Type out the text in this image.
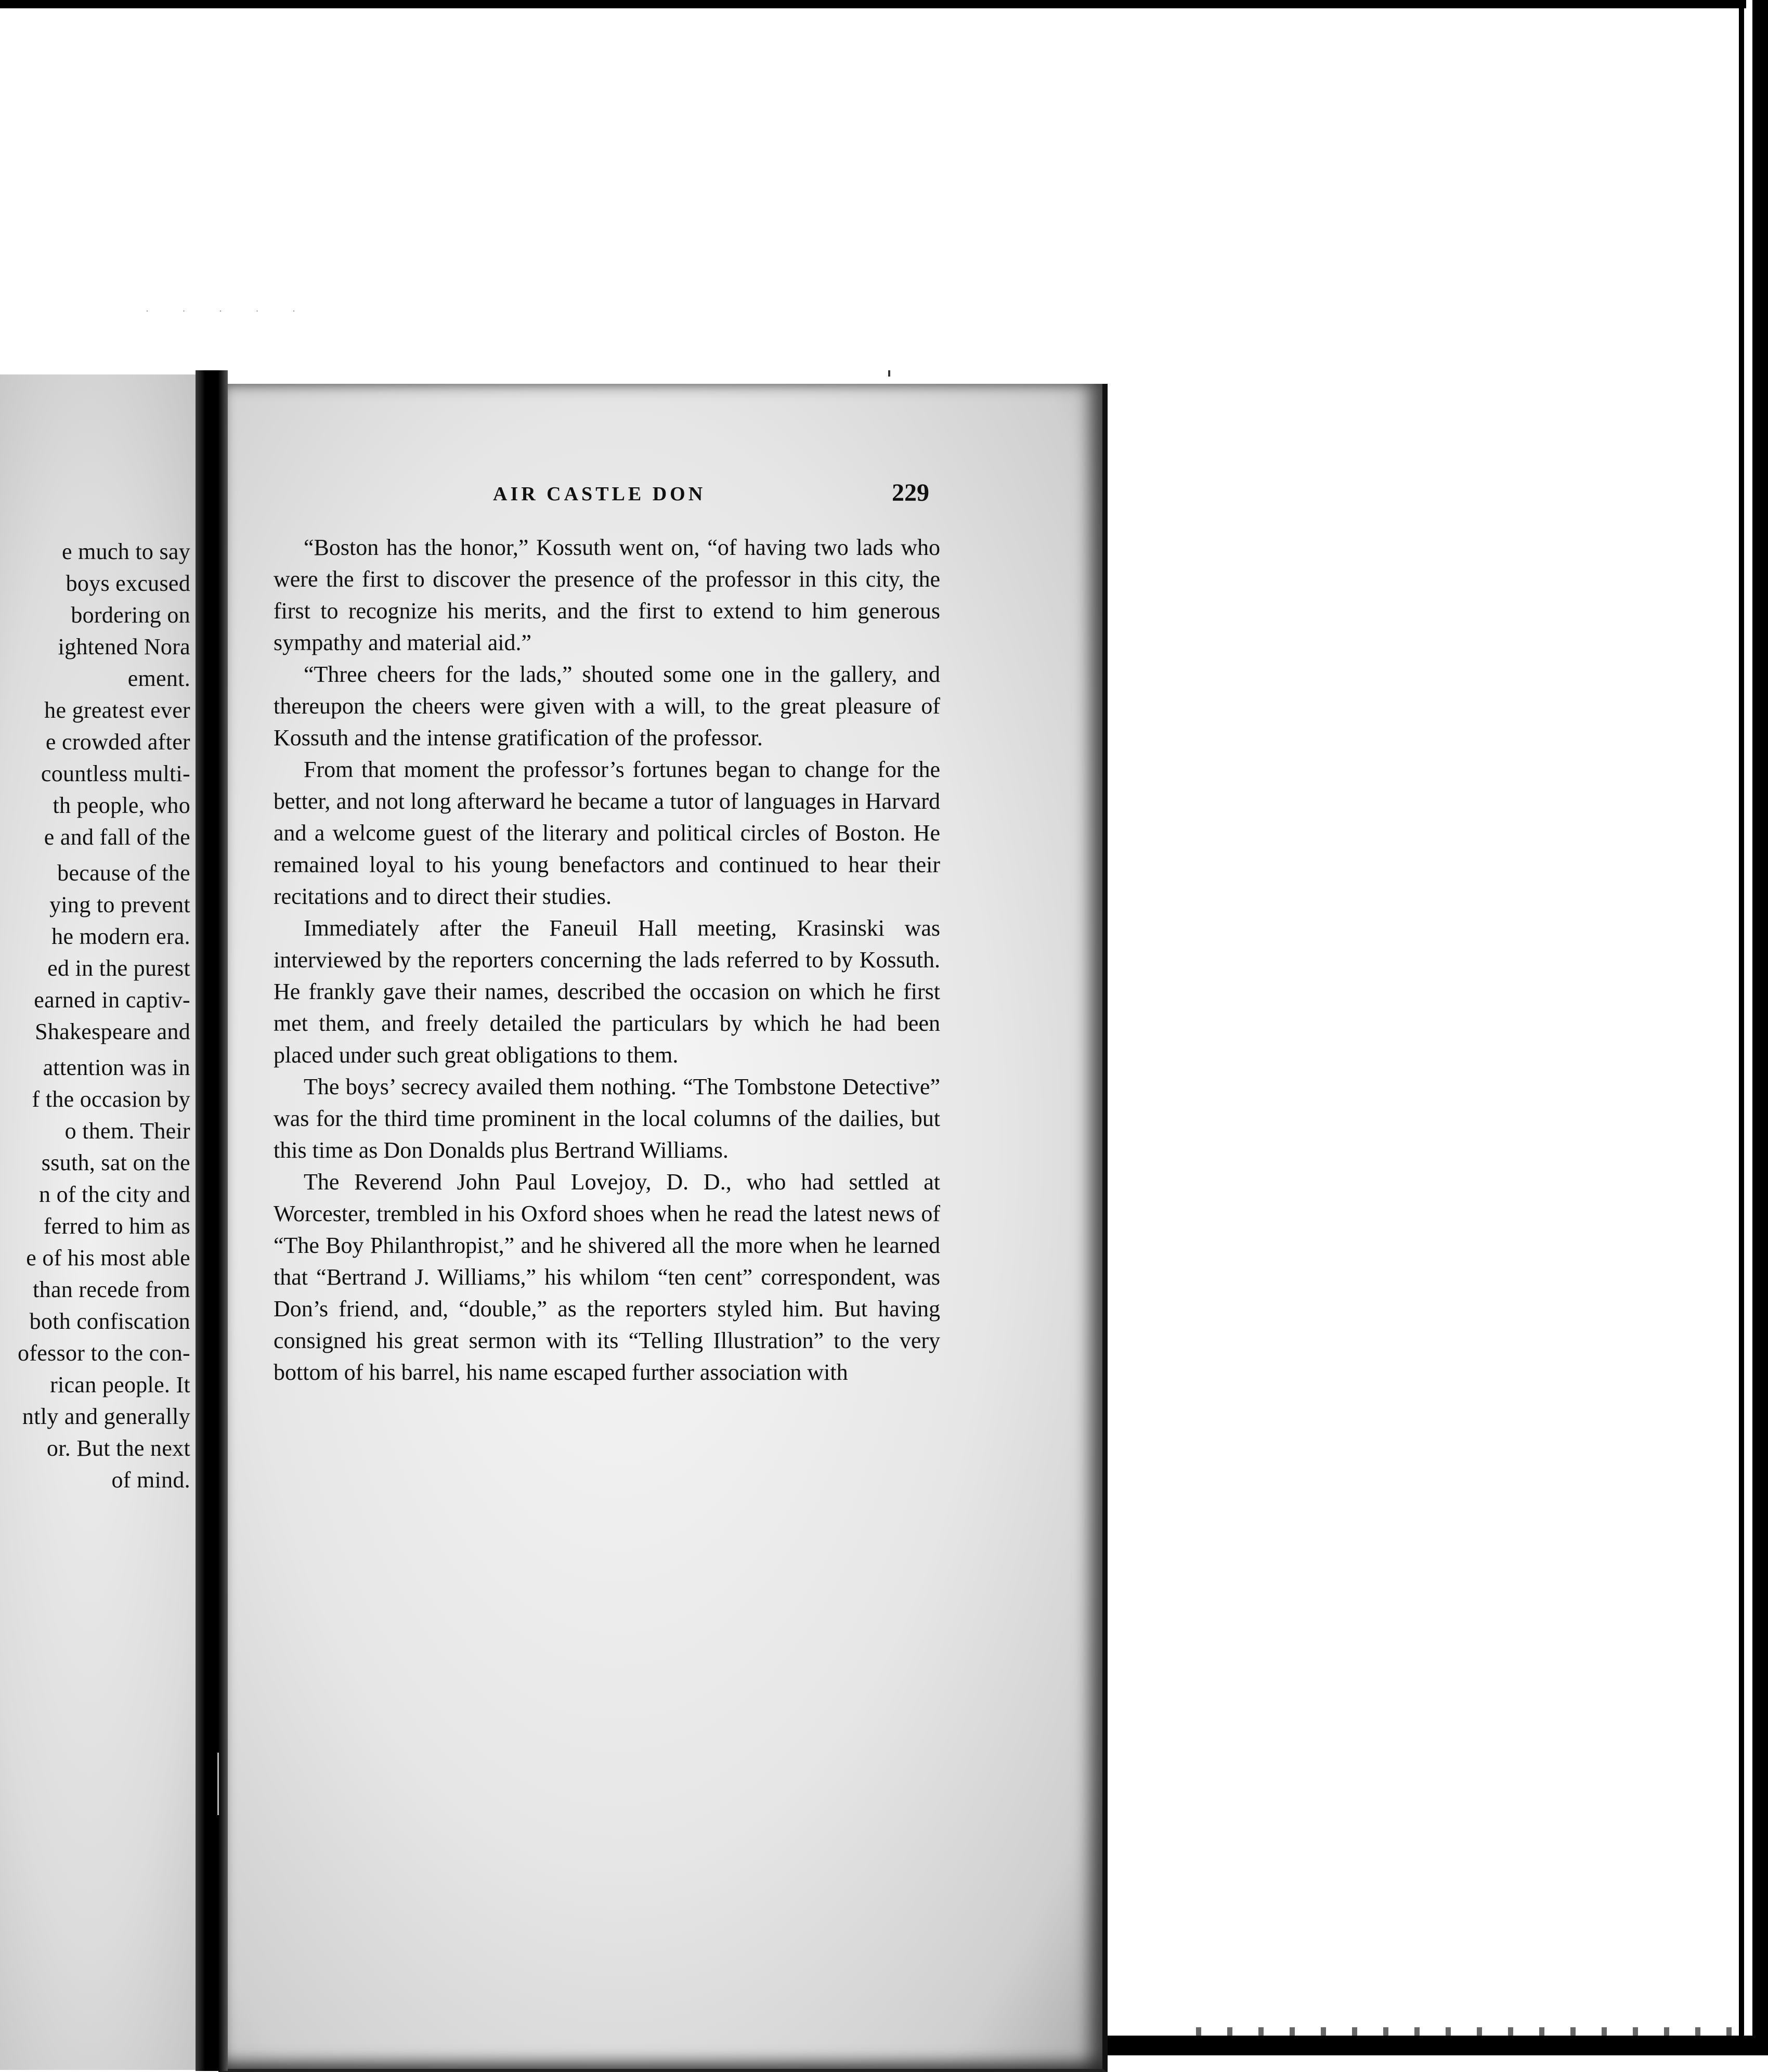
· · · · ·
e much to say
boys excused
bordering on
ightened Nora
ement.
he greatest ever
e crowded after
countless multi-
th people, who
e and fall of the
because of the
ying to prevent
he modern era.
ed in the purest
earned in captiv-
Shakespeare and
attention was in
f the occasion by
o them. Their
ssuth, sat on the
n of the city and
ferred to him as
e of his most able
than recede from
both confiscation
ofessor to the con-
rican people. It
ntly and generally
or. But the next
of mind.
AIR CASTLE DON	229

“Boston has the honor,” Kossuth went on, “of having two lads who were the first to discover the presence of the professor in this city, the first to recognize his merits, and the first to extend to him generous sympathy and material aid.”

“Three cheers for the lads,” shouted some one in the gallery, and thereupon the cheers were given with a will, to the great pleasure of Kossuth and the intense gratification of the professor.

From that moment the professor’s fortunes began to change for the better, and not long afterward he became a tutor of languages in Harvard and a welcome guest of the literary and political circles of Boston. He remained loyal to his young benefactors and continued to hear their recitations and to direct their studies.

Immediately after the Faneuil Hall meeting, Krasinski was interviewed by the reporters concerning the lads referred to by Kossuth. He frankly gave their names, described the occasion on which he first met them, and freely detailed the particulars by which he had been placed under such great obligations to them.

The boys’ secrecy availed them nothing. “The Tombstone Detective” was for the third time prominent in the local columns of the dailies, but this time as Don Donalds plus Bertrand Williams.

The Reverend John Paul Lovejoy, D. D., who had settled at Worcester, trembled in his Oxford shoes when he read the latest news of “The Boy Philanthropist,” and he shivered all the more when he learned that “Bertrand J. Williams,” his whilom “ten cent” correspondent, was Don’s friend, and, “double,” as the reporters styled him. But having consigned his great sermon with its “Telling Illustration” to the very bottom of his barrel, his name escaped further association with
